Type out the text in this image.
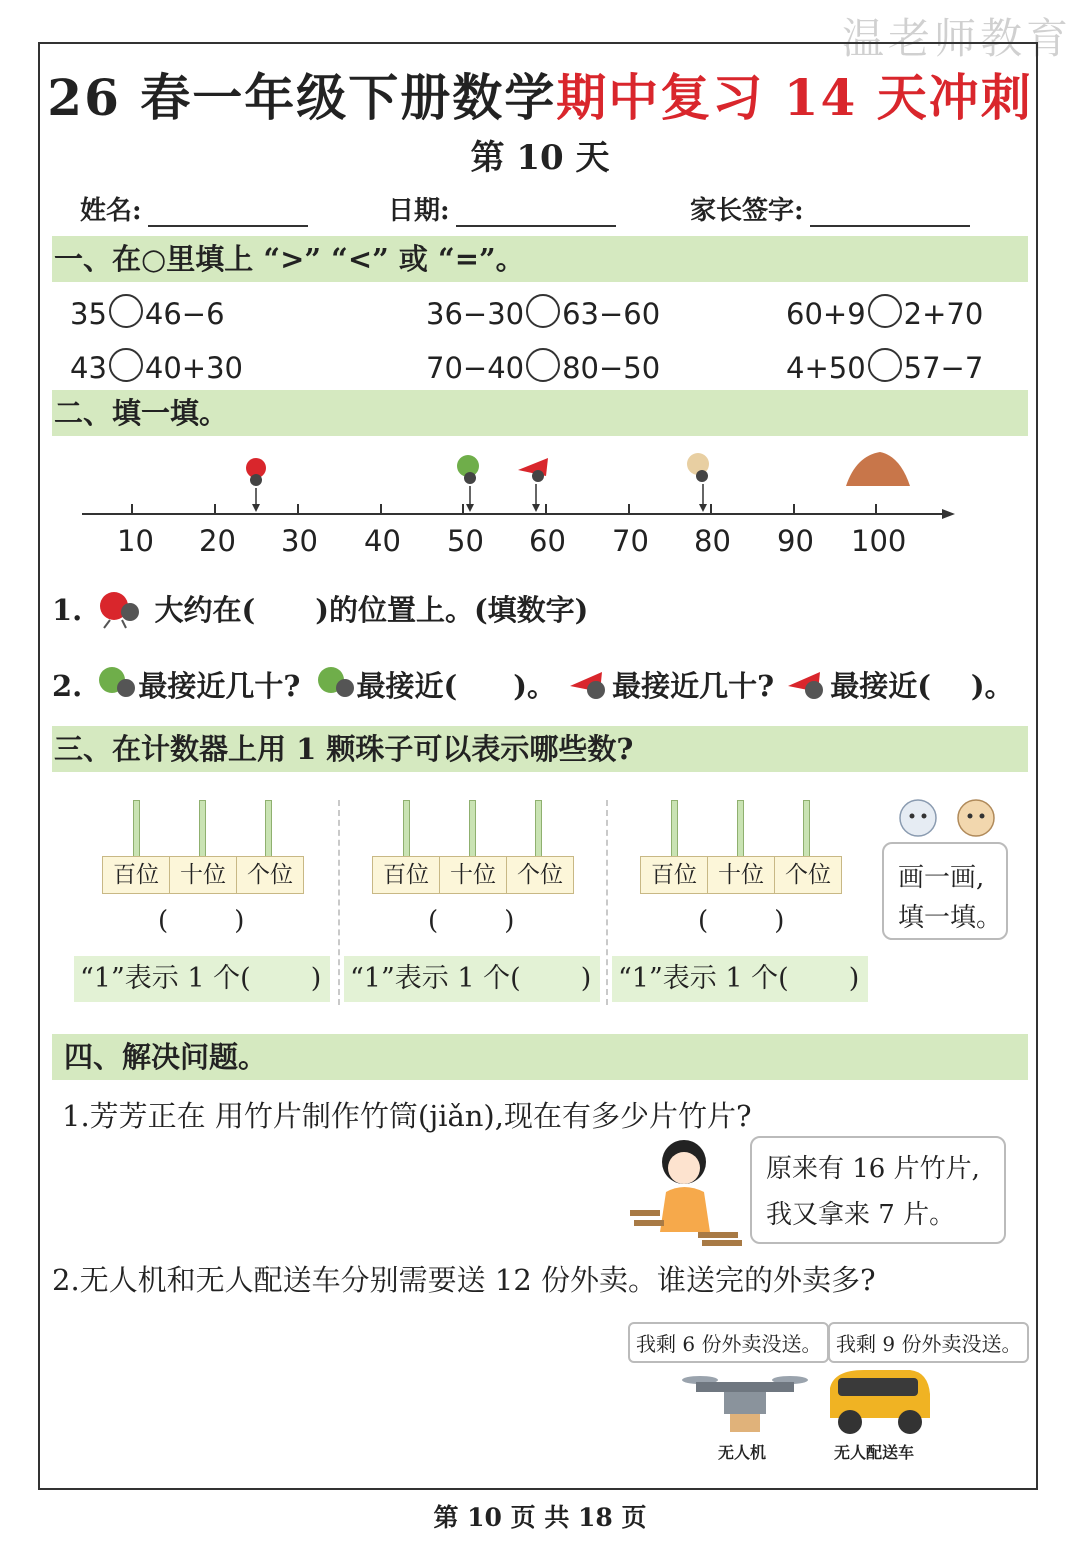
温老师教育
26 春一年级下册数学期中复习 14 天冲刺
第 10 天
姓名:	日期:	家长签字:
一、在○里填上 “>” “<” 或 “=”。
35 46−6	36−30 63−60	60+9 2+70
43 40+30	70−40 80−50	4+50 57−7
二、填一填。
10 20 30 40 50 60 70 80 90 100
1. 大约在( )的位置上。(填数字)
2. 最接近几十? 最接近( )。 最接近几十? 最接近( )。
三、在计数器上用 1 颗珠子可以表示哪些数?
百位 十位 个位	百位 十位 个位	百位 十位 个位
(        )	(        )	(        )
“1”表示 1 个(       )	“1”表示 1 个(       ) “1”表示 1 个(       )
画一画,
填一填。
四、解决问题。
1.芳芳正在 用竹片制作竹筒(jiǎn),现在有多少片竹片?
原来有 16 片竹片,
我又拿来 7 片。
2.无人机和无人配送车分别需要送 12 份外卖。谁送完的外卖多?
我剩 6 份外卖没送。 我剩 9 份外卖没送。
无人机	无人配送车
第 10 页 共 18 页
